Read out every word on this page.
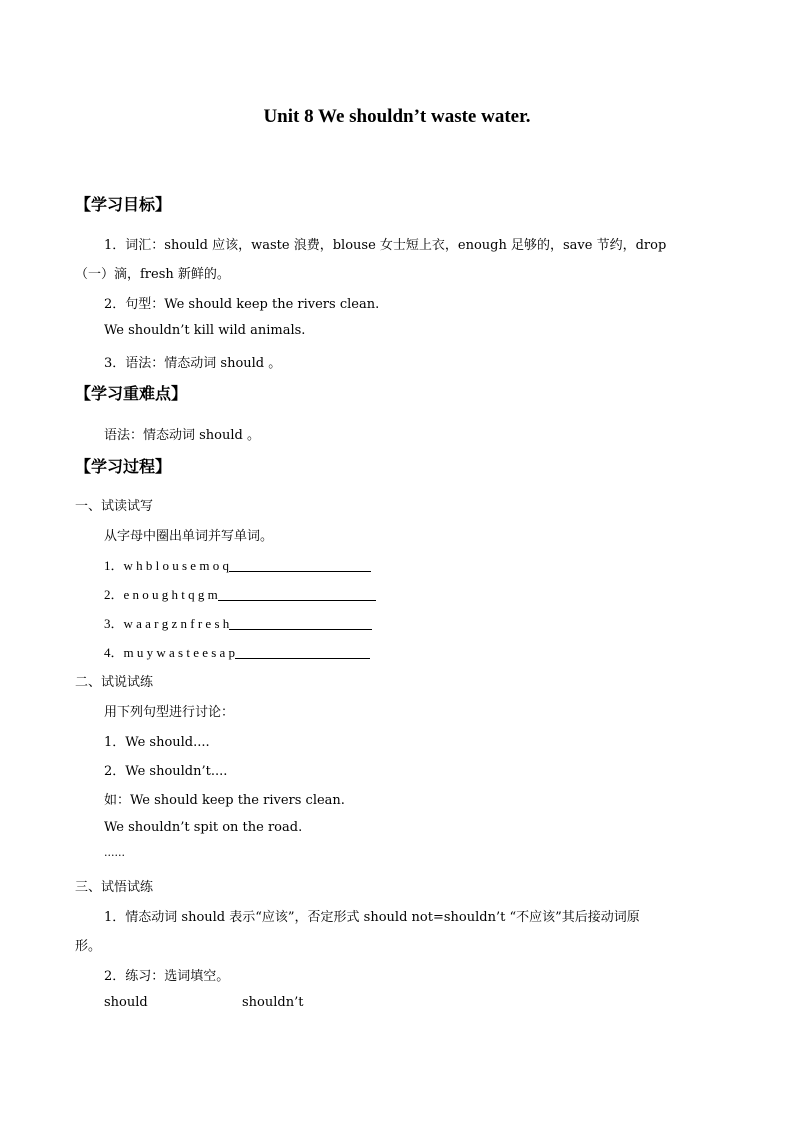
Unit 8 We shouldn’t waste water.
【学习目标】
1．词汇：should 应该，waste 浪费，blouse 女士短上衣，enough 足够的，save 节约，drop
（一）滴，fresh 新鲜的。
2．句型：We should keep the rivers clean.
We shouldn’t kill wild animals.
3．语法：情态动词 should 。
【学习重难点】
语法：情态动词 should 。
【学习过程】
一、试读试写
从字母中圈出单词并写单词。
1．w h b l o u s e m o q
2．e n o u g h t q g m
3．w a a r g z n f r e s h
4．m u y w a s t e e s a p
二、试说试练
用下列句型进行讨论：
1．We should....
2．We shouldn’t....
如：We should keep the rivers clean.
We shouldn’t spit on the road.
......
三、试悟试练
1．情态动词 should 表示“应该”，否定形式 should not=shouldn’t “不应该”其后接动词原
形。
2．练习：选词填空。
should	shouldn’t
